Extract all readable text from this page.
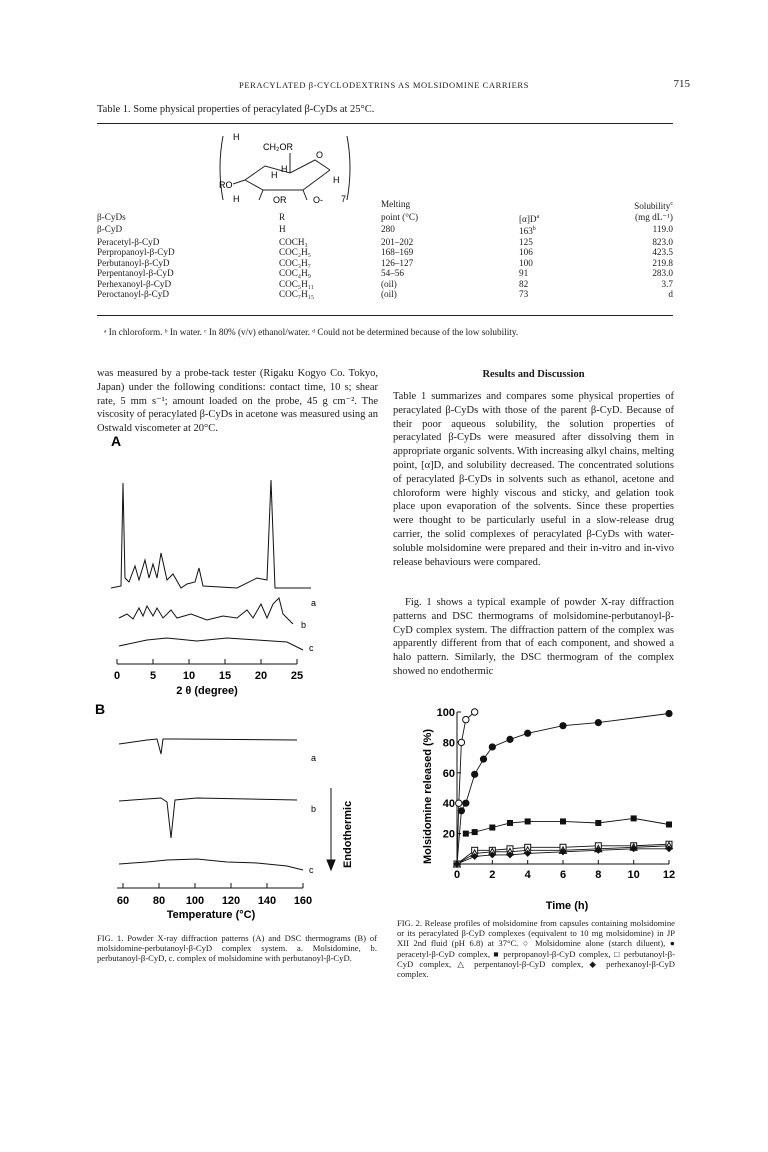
PERACYLATED β-CYCLODEXTRINS AS MOLSIDOMINE CARRIERS	715
Table 1. Some physical properties of peracylated β-CyDs at 25°C.
H
CH₂OR
O
H
H
H
RO
H	OR	O- 7
			Melting		Solubility$^c$
β-CyDs	R	point (°C)	$[\alpha]D^a$	(mg dL⁻¹)
β-CyD	H	280	163$^b$	119.0
Peracetyl-β-CyD	COCH₃	201–202	125	823.0
Perpropanoyl-β-CyD	COC₂H₅	168–169	106	423.5
Perbutanoyl-β-CyD	COC₃H₇	126–127	100	219.8
Perpentanoyl-β-CyD	COC₄H₉	54–56	91	283.0
Perhexanoyl-β-CyD	COC₅H₁₁	(oil)	82	3.7
Peroctanoyl-β-CyD	COC₇H₁₅	(oil)	73	d
ᵃ In chloroform. ᵇ In water. ᶜ In 80% (v/v) ethanol/water. ᵈ Could not be determined because of the low solubility.
was measured by a probe-tack tester (Rigaku Kogyo Co. Tokyo, Japan) under the following conditions: contact time, 10 s; shear rate, 5 mm s⁻¹; amount loaded on the probe, 45 g cm⁻². The viscosity of peracylated β-CyDs in acetone was measured using an Ostwald viscometer at 20°C.
A
a
b
c
0	5 10 15 20 25
2 θ (degree)
B
a
b
c
Endothermic
60 80 100 120 140 160
Temperature (°C)
FIG. 1. Powder X-ray diffraction patterns (A) and DSC thermograms (B) of molsidomine-perbutanoyl-β-CyD complex system. a. Molsidomine, b. perbutanoyl-β-CyD, c. complex of molsidomine with perbutanoyl-β-CyD.
Results and Discussion
Table 1 summarizes and compares some physical properties of peracylated β-CyDs with those of the parent β-CyD. Because of their poor aqueous solubility, the solution properties of peracylated β-CyDs were measured after dissolving them in appropriate organic solvents. With increasing alkyl chains, melting point, [α]D, and solubility decreased. The concentrated solutions of peracylated β-CyDs in solvents such as ethanol, acetone and chloroform were highly viscous and sticky, and gelation took place upon evaporation of the solvents. Since these properties were thought to be particularly useful in a slow-release drug carrier, the solid complexes of peracylated β-CyDs with water-soluble molsidomine were prepared and their in-vitro and in-vivo release behaviours were compared.
Fig. 1 shows a typical example of powder X-ray diffraction patterns and DSC thermograms of molsidomine-perbutanoyl-β-CyD complex system. The diffraction pattern of the complex was apparently different from that of each component, and showed a halo pattern. Similarly, the DSC thermogram of the complex showed no endothermic
0	2	4	6	8 10 12
20
40
60
80
100
Molsidomine released (%)
Time (h)
FIG. 2. Release profiles of molsidomine from capsules containing molsidomine or its peracylated β-CyD complexes (equivalent to 10 mg molsidomine) in JP XII 2nd fluid (pH 6.8) at 37°C. ○ Molsidomine alone (starch diluent), ● peracetyl-β-CyD complex, ■ perpropanoyl-β-CyD complex, □ perbutanoyl-β-CyD complex, △ perpentanoyl-β-CyD complex, ◆ perhexanoyl-β-CyD complex.
